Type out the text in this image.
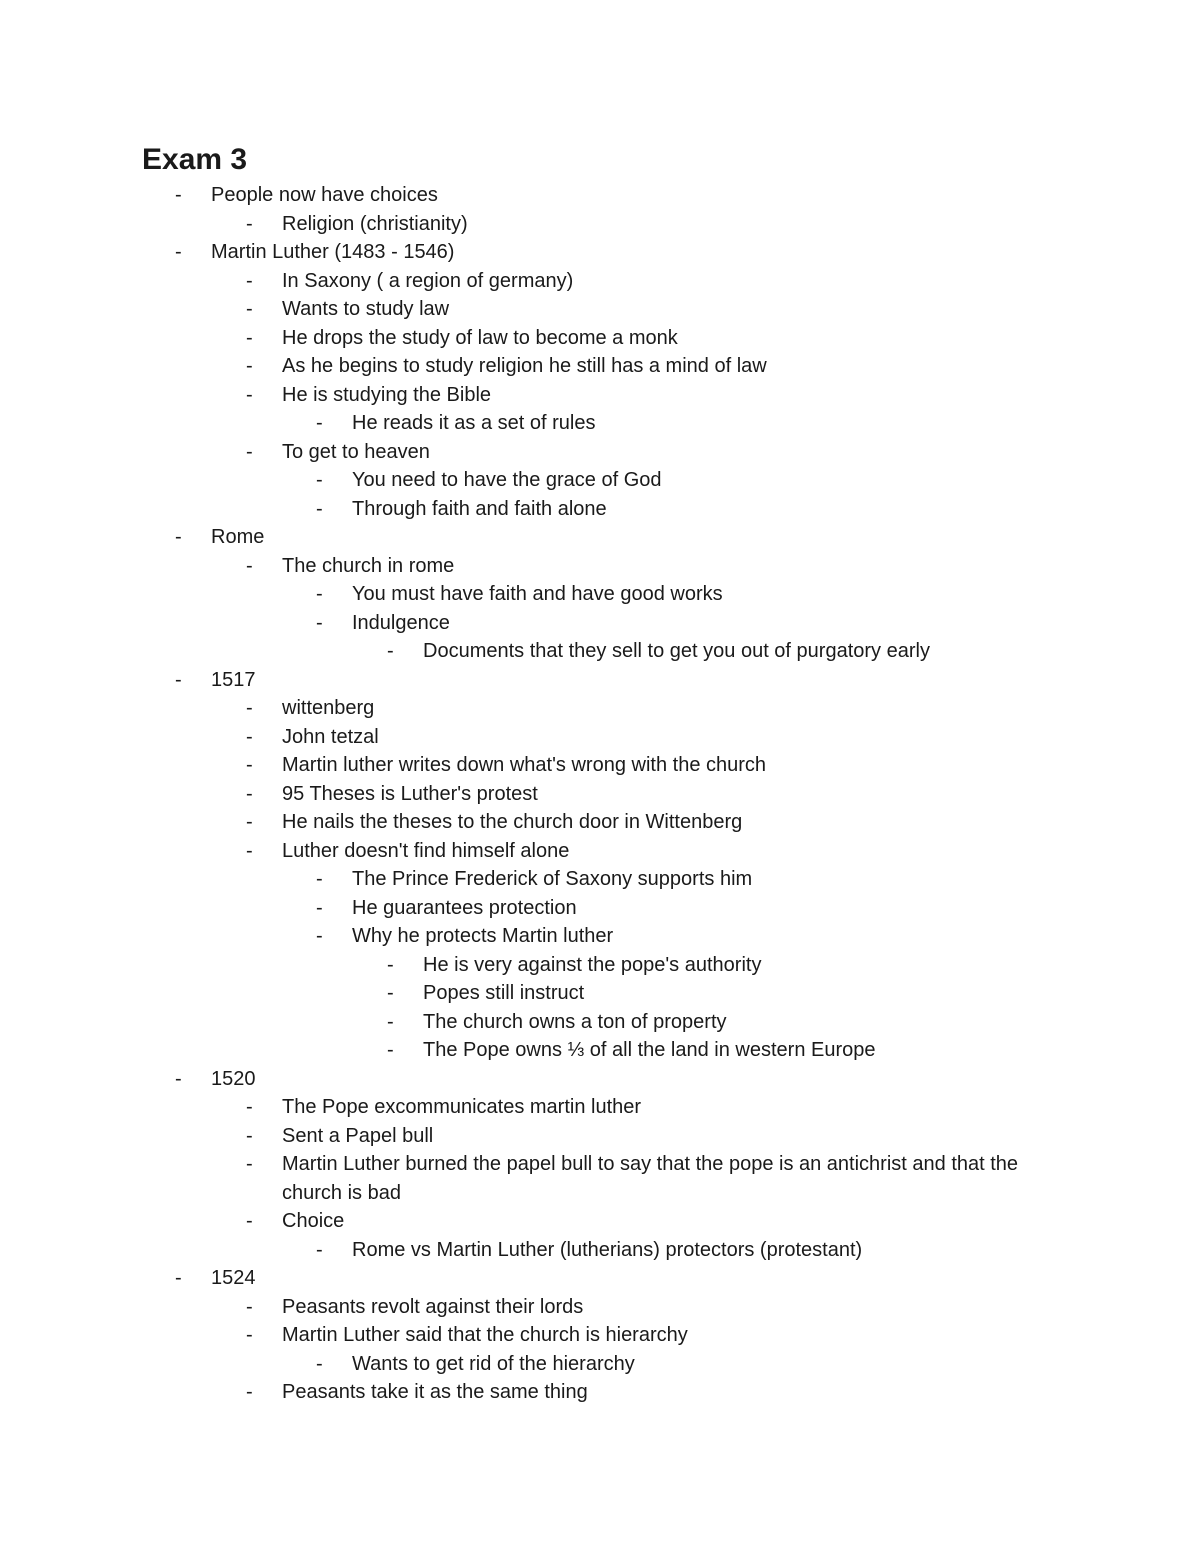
Exam 3
- People now have choices
- Religion (christianity)
- Martin Luther (1483 - 1546)
- In Saxony ( a region of germany)
- Wants to study law
- He drops the study of law to become a monk
- As he begins to study religion he still has a mind of law
- He is studying the Bible
- He reads it as a set of rules
- To get to heaven
- You need to have the grace of God
- Through faith and faith alone
- Rome
- The church in rome
- You must have faith and have good works
- Indulgence
- Documents that they sell to get you out of purgatory early
- 1517
- wittenberg
- John tetzal
- Martin luther writes down what's wrong with the church
- 95 Theses is Luther's protest
- He nails the theses to the church door in Wittenberg
- Luther doesn't find himself alone
- The Prince Frederick of Saxony supports him
- He guarantees protection
- Why he protects Martin luther
- He is very against the pope's authority
- Popes still instruct
- The church owns a ton of property
- The Pope owns ⅓ of all the land in western Europe
- 1520
- The Pope excommunicates martin luther
- Sent a Papel bull
- Martin Luther burned the papel bull to say that the pope is an antichrist and that the church is bad
- Choice
- Rome vs Martin Luther (lutherians) protectors (protestant)
- 1524
- Peasants revolt against their lords
- Martin Luther said that the church is hierarchy
- Wants to get rid of the hierarchy
- Peasants take it as the same thing
